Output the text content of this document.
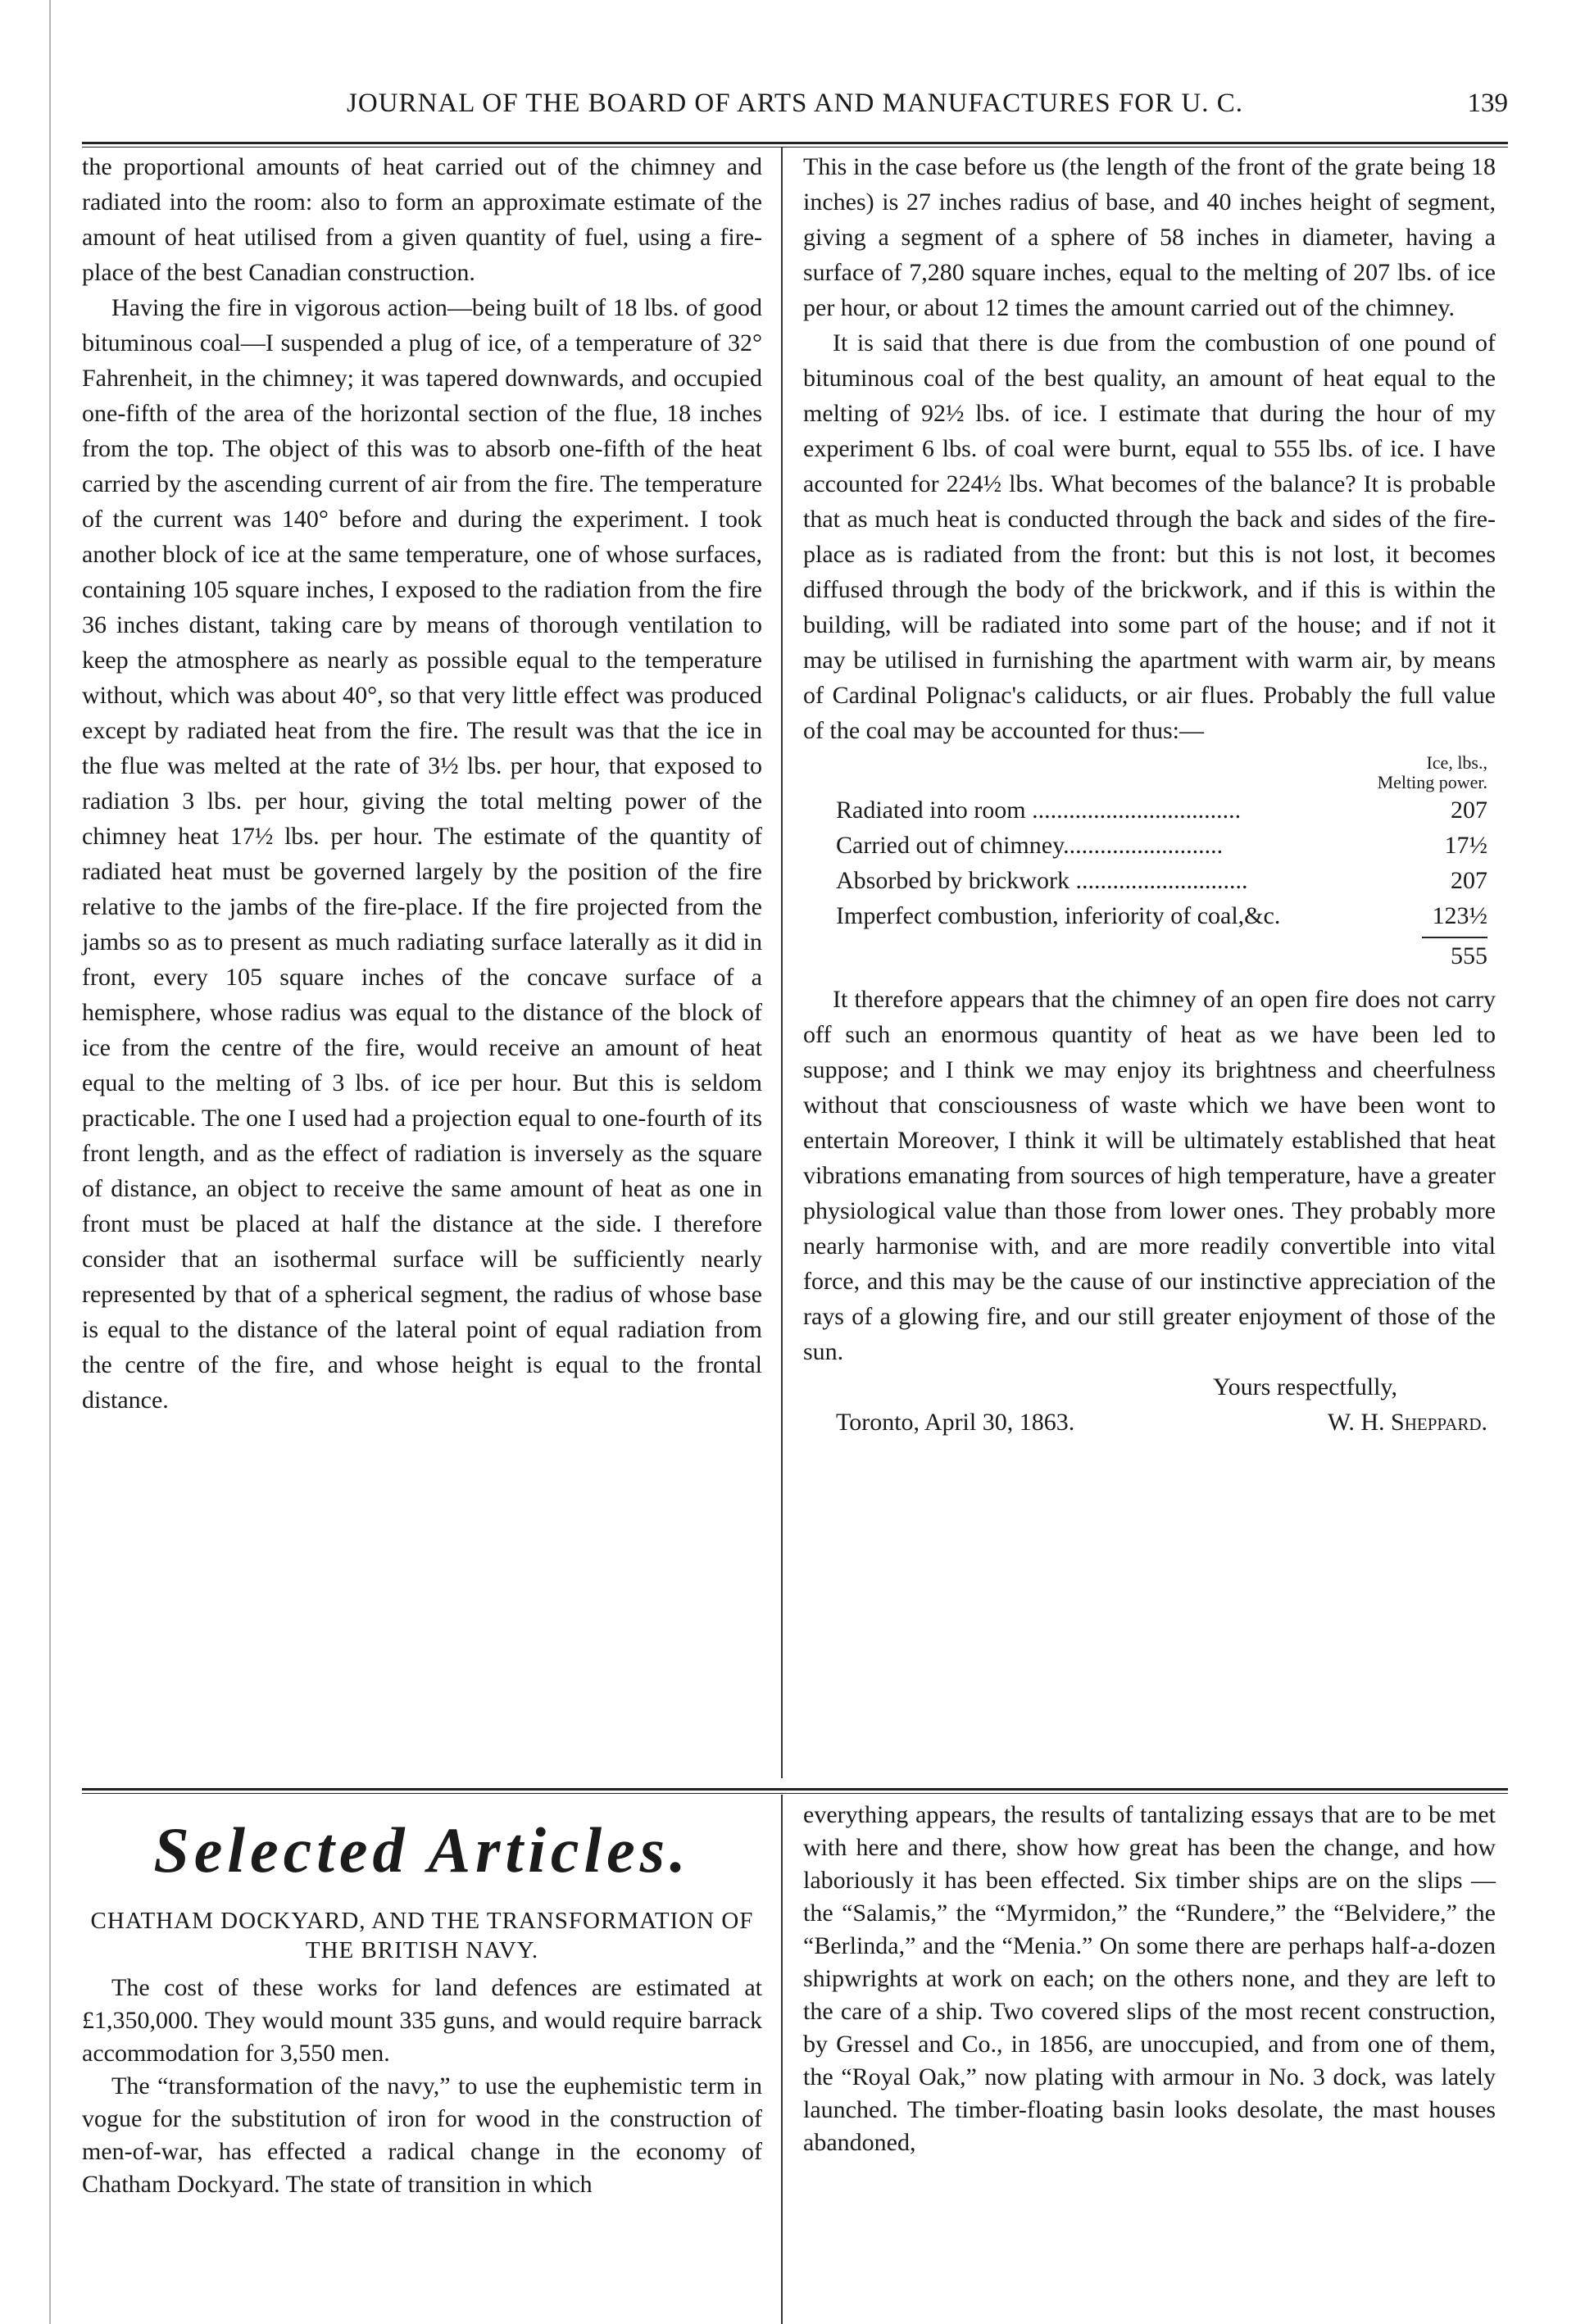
JOURNAL OF THE BOARD OF ARTS AND MANUFACTURES FOR U. C.	139

the proportional amounts of heat carried out of the chimney and radiated into the room: also to form an approximate estimate of the amount of heat utilised from a given quantity of fuel, using a fire-place of the best Canadian construction.

Having the fire in vigorous action—being built of 18 lbs. of good bituminous coal—I suspended a plug of ice, of a temperature of 32° Fahrenheit, in the chimney; it was tapered downwards, and occupied one-fifth of the area of the horizontal section of the flue, 18 inches from the top. The object of this was to absorb one-fifth of the heat carried by the ascending current of air from the fire. The temperature of the current was 140° before and during the experiment. I took another block of ice at the same temperature, one of whose surfaces, containing 105 square inches, I exposed to the radiation from the fire 36 inches distant, taking care by means of thorough ventilation to keep the atmosphere as nearly as possible equal to the temperature without, which was about 40°, so that very little effect was produced except by radiated heat from the fire. The result was that the ice in the flue was melted at the rate of 3½ lbs. per hour, that exposed to radiation 3 lbs. per hour, giving the total melting power of the chimney heat 17½ lbs. per hour. The estimate of the quantity of radiated heat must be governed largely by the position of the fire relative to the jambs of the fire-place. If the fire projected from the jambs so as to present as much radiating surface laterally as it did in front, every 105 square inches of the concave surface of a hemisphere, whose radius was equal to the distance of the block of ice from the centre of the fire, would receive an amount of heat equal to the melting of 3 lbs. of ice per hour. But this is seldom practicable. The one I used had a projection equal to one-fourth of its front length, and as the effect of radiation is inversely as the square of distance, an object to receive the same amount of heat as one in front must be placed at half the distance at the side. I therefore consider that an isothermal surface will be sufficiently nearly represented by that of a spherical segment, the radius of whose base is equal to the distance of the lateral point of equal radiation from the centre of the fire, and whose height is equal to the frontal distance.

This in the case before us (the length of the front of the grate being 18 inches) is 27 inches radius of base, and 40 inches height of segment, giving a segment of a sphere of 58 inches in diameter, having a surface of 7,280 square inches, equal to the melting of 207 lbs. of ice per hour, or about 12 times the amount carried out of the chimney.

It is said that there is due from the combustion of one pound of bituminous coal of the best quality, an amount of heat equal to the melting of 92½ lbs. of ice. I estimate that during the hour of my experiment 6 lbs. of coal were burnt, equal to 555 lbs. of ice. I have accounted for 224½ lbs. What becomes of the balance? It is probable that as much heat is conducted through the back and sides of the fire-place as is radiated from the front: but this is not lost, it becomes diffused through the body of the brickwork, and if this is within the building, will be radiated into some part of the house; and if not it may be utilised in furnishing the apartment with warm air, by means of Cardinal Polignac's caliducts, or air flues. Probably the full value of the coal may be accounted for thus:—

Ice, lbs.,
Melting power.
Radiated into room ..................................	207
Carried out of chimney..........................	17½
Absorbed by brickwork ............................	207
Imperfect combustion, inferiority of coal,&c.	123½
555

It therefore appears that the chimney of an open fire does not carry off such an enormous quantity of heat as we have been led to suppose; and I think we may enjoy its brightness and cheerfulness without that consciousness of waste which we have been wont to entertain Moreover, I think it will be ultimately established that heat vibrations emanating from sources of high temperature, have a greater physiological value than those from lower ones. They probably more nearly harmonise with, and are more readily convertible into vital force, and this may be the cause of our instinctive appreciation of the rays of a glowing fire, and our still greater enjoyment of those of the sun.

Yours respectfully,

Toronto, April 30, 1863.	W. H. Sheppard.
Selected Articles.
CHATHAM DOCKYARD, AND THE TRANSFORMATION OF THE BRITISH NAVY.

The cost of these works for land defences are estimated at £1,350,000. They would mount 335 guns, and would require barrack accommodation for 3,550 men.

The “transformation of the navy,” to use the euphemistic term in vogue for the substitution of iron for wood in the construction of men-of-war, has effected a radical change in the economy of Chatham Dockyard. The state of transition in which

everything appears, the results of tantalizing essays that are to be met with here and there, show how great has been the change, and how laboriously it has been effected. Six timber ships are on the slips —the “Salamis,” the “Myrmidon,” the “Rundere,” the “Belvidere,” the “Berlinda,” and the “Menia.” On some there are perhaps half-a-dozen shipwrights at work on each; on the others none, and they are left to the care of a ship. Two covered slips of the most recent construction, by Gressel and Co., in 1856, are unoccupied, and from one of them, the “Royal Oak,” now plating with armour in No. 3 dock, was lately launched. The timber-floating basin looks desolate, the mast houses abandoned,
